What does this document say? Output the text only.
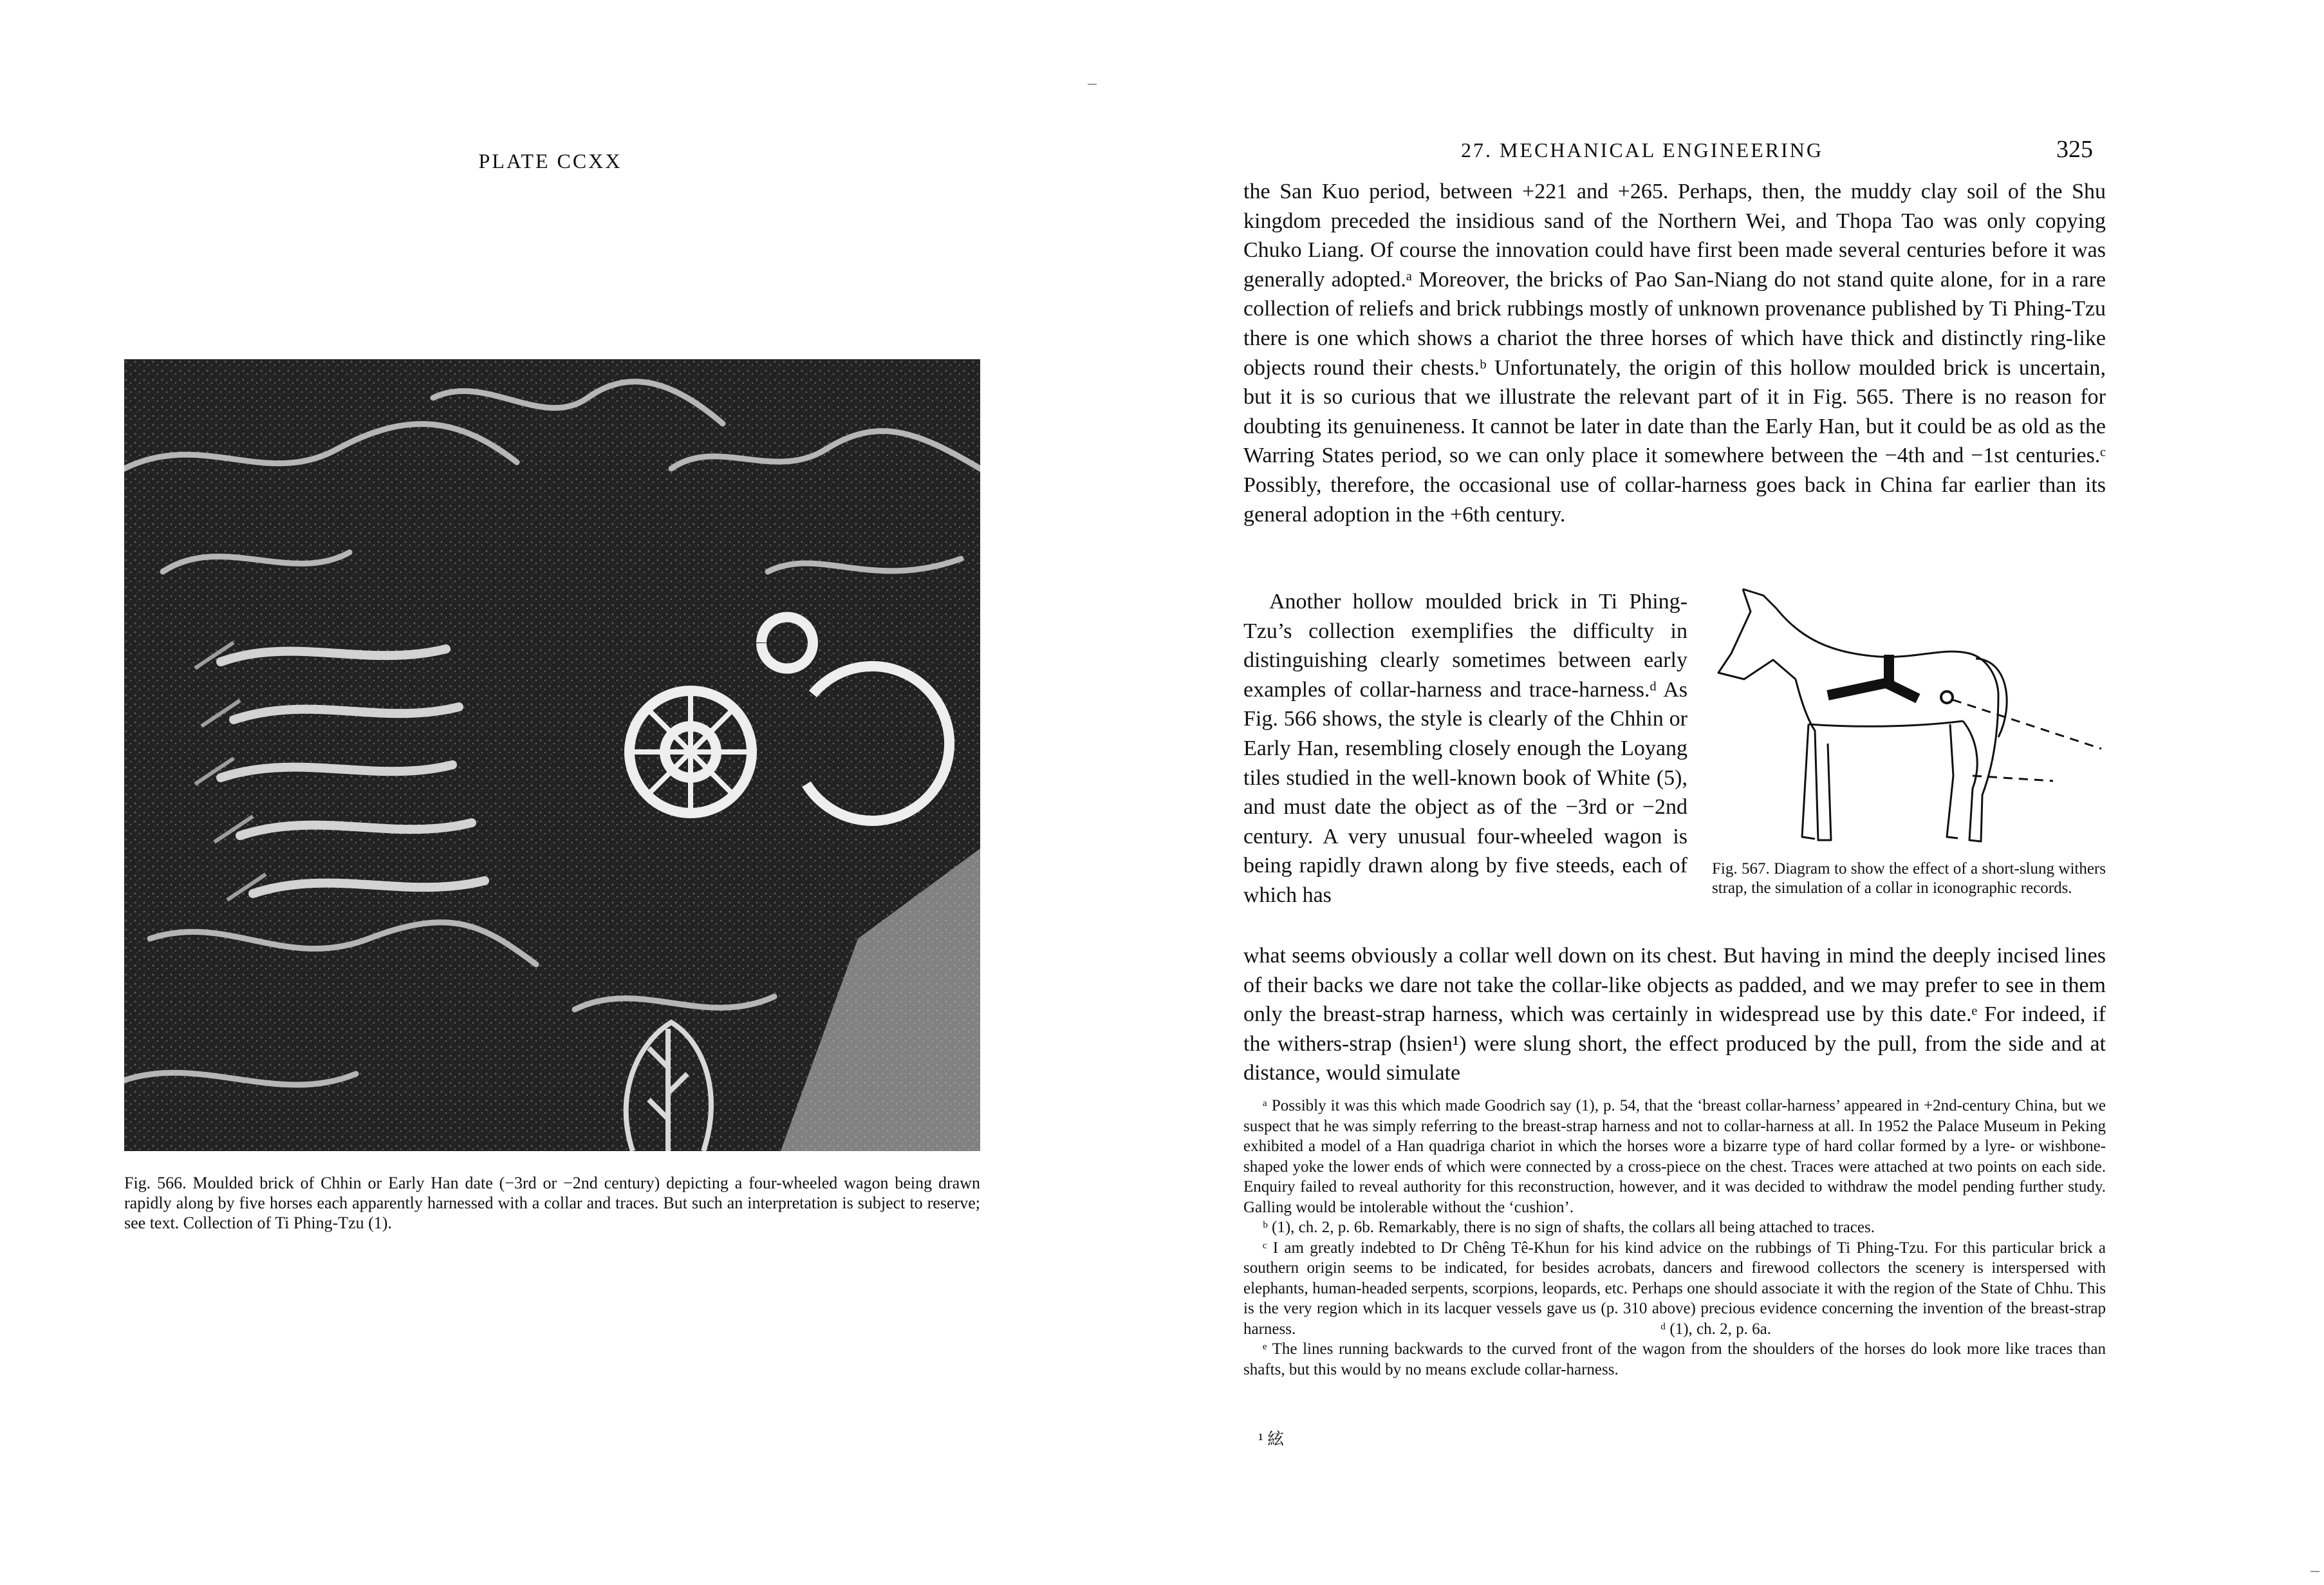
PLATE CCXX
Fig. 566. Moulded brick of Chhin or Early Han date (−3rd or −2nd century) depicting a four-wheeled wagon being drawn rapidly along by five horses each apparently harnessed with a collar and traces. But such an interpretation is subject to reserve; see text. Collection of Ti Phing-Tzu (1).
27. MECHANICAL ENGINEERING	325

the San Kuo period, between +221 and +265. Perhaps, then, the muddy clay soil of the Shu kingdom preceded the insidious sand of the Northern Wei, and Thopa Tao was only copying Chuko Liang. Of course the innovation could have first been made several centuries before it was generally adopted.ᵃ Moreover, the bricks of Pao San-Niang do not stand quite alone, for in a rare collection of reliefs and brick rubbings mostly of unknown provenance published by Ti Phing-Tzu there is one which shows a chariot the three horses of which have thick and distinctly ring-like objects round their chests.ᵇ Unfortunately, the origin of this hollow moulded brick is uncertain, but it is so curious that we illustrate the relevant part of it in Fig. 565. There is no reason for doubting its genuineness. It cannot be later in date than the Early Han, but it could be as old as the Warring States period, so we can only place it somewhere between the −4th and −1st centuries.ᶜ Possibly, therefore, the occasional use of collar-harness goes back in China far earlier than its general adoption in the +6th century.

Another hollow moulded brick in Ti Phing-Tzu’s collection exemplifies the difficulty in distinguishing clearly sometimes between early examples of collar-harness and trace-harness.ᵈ As Fig. 566 shows, the style is clearly of the Chhin or Early Han, resembling closely enough the Loyang tiles studied in the well-known book of White (5), and must date the object as of the −3rd or −2nd century. A very unusual four-wheeled wagon is being rapidly drawn along by five steeds, each of which has

Fig. 567. Diagram to show the effect of a short-slung withers strap, the simulation of a collar in iconographic records.

what seems obviously a collar well down on its chest. But having in mind the deeply incised lines of their backs we dare not take the collar-like objects as padded, and we may prefer to see in them only the breast-strap harness, which was certainly in widespread use by this date.ᵉ For indeed, if the withers-strap (hsien¹) were slung short, the effect produced by the pull, from the side and at distance, would simulate

ᵃ Possibly it was this which made Goodrich say (1), p. 54, that the ‘breast collar-harness’ appeared in +2nd-century China, but we suspect that he was simply referring to the breast-strap harness and not to collar-harness at all. In 1952 the Palace Museum in Peking exhibited a model of a Han quadriga chariot in which the horses wore a bizarre type of hard collar formed by a lyre- or wishbone-shaped yoke the lower ends of which were connected by a cross-piece on the chest. Traces were attached at two points on each side. Enquiry failed to reveal authority for this reconstruction, however, and it was decided to withdraw the model pending further study. Galling would be intolerable without the ‘cushion’.

ᵇ (1), ch. 2, p. 6b. Remarkably, there is no sign of shafts, the collars all being attached to traces.

ᶜ I am greatly indebted to Dr Chêng Tê-Khun for his kind advice on the rubbings of Ti Phing-Tzu. For this particular brick a southern origin seems to be indicated, for besides acrobats, dancers and firewood collectors the scenery is interspersed with elephants, human-headed serpents, scorpions, leopards, etc. Perhaps one should associate it with the region of the State of Chhu. This is the very region which in its lacquer vessels gave us (p. 310 above) precious evidence concerning the invention of the breast-strap harness.	ᵈ (1), ch. 2, p. 6a.

ᵉ The lines running backwards to the curved front of the wagon from the shoulders of the horses do look more like traces than shafts, but this would by no means exclude collar-harness.

¹ 絃
